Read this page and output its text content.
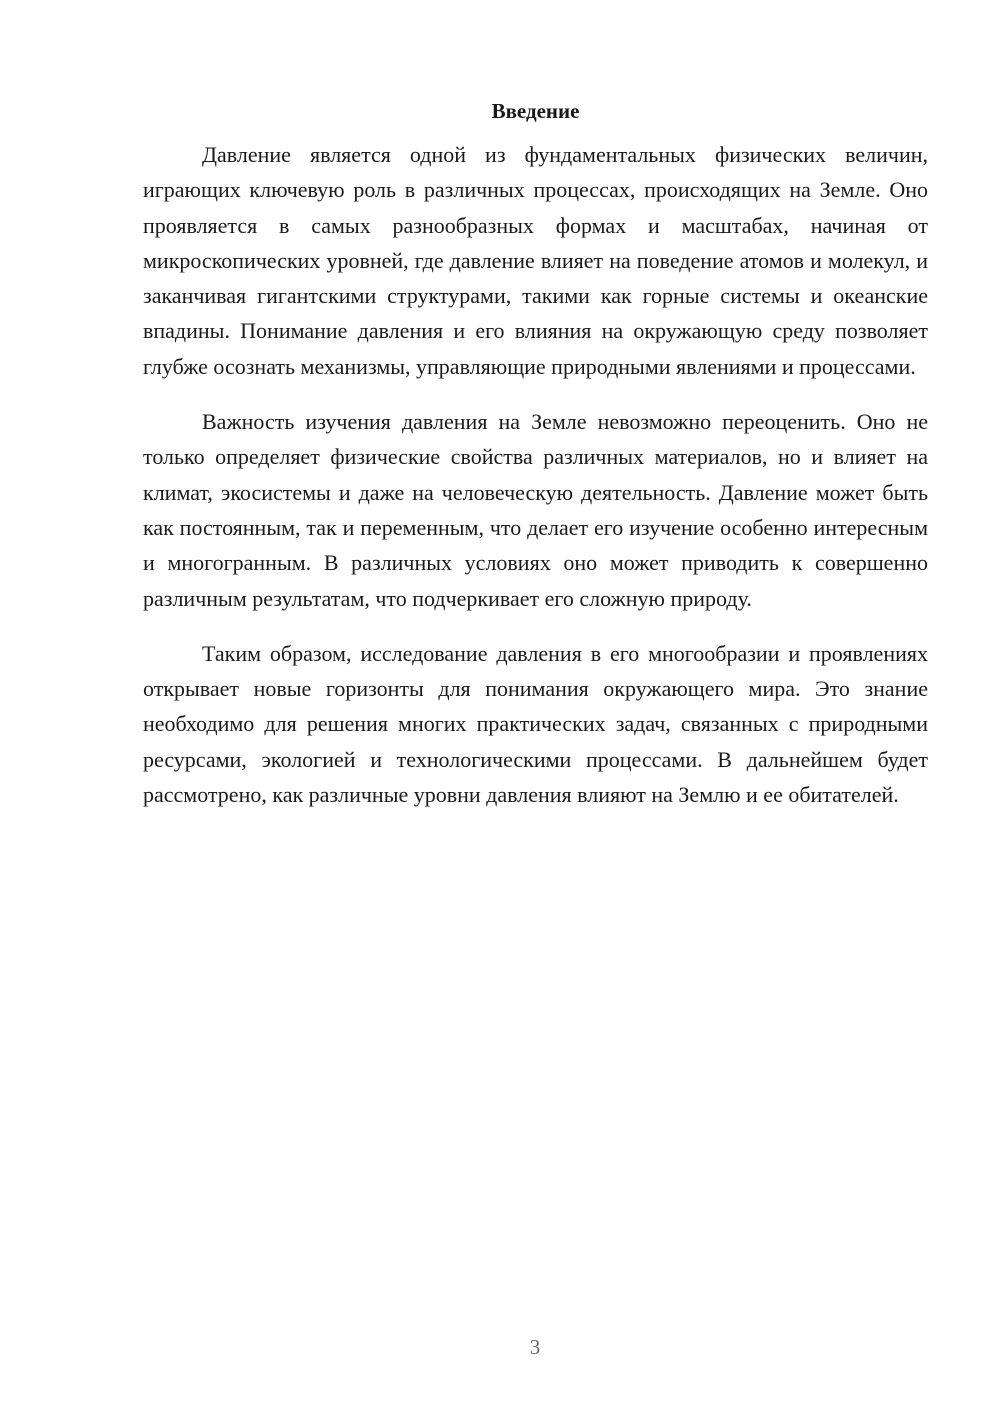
Введение

Давление является одной из фундаментальных физических величин, играющих ключевую роль в различных процессах, происходящих на Земле. Оно проявляется в самых разнообразных формах и масштабах, начиная от микроскопических уровней, где давление влияет на поведение атомов и молекул, и заканчивая гигантскими структурами, такими как горные системы и океанские впадины. Понимание давления и его влияния на окружающую среду позволяет глубже осознать механизмы, управляющие природными явлениями и процессами.

Важность изучения давления на Земле невозможно переоценить. Оно не только определяет физические свойства различных материалов, но и влияет на климат, экосистемы и даже на человеческую деятельность. Давление может быть как постоянным, так и переменным, что делает его изучение особенно интересным и многогранным. В различных условиях оно может приводить к совершенно различным результатам, что подчеркивает его сложную природу.

Таким образом, исследование давления в его многообразии и проявлениях открывает новые горизонты для понимания окружающего мира. Это знание необходимо для решения многих практических задач, связанных с природными ресурсами, экологией и технологическими процессами. В дальнейшем будет рассмотрено, как различные уровни давления влияют на Землю и ее обитателей.

3
